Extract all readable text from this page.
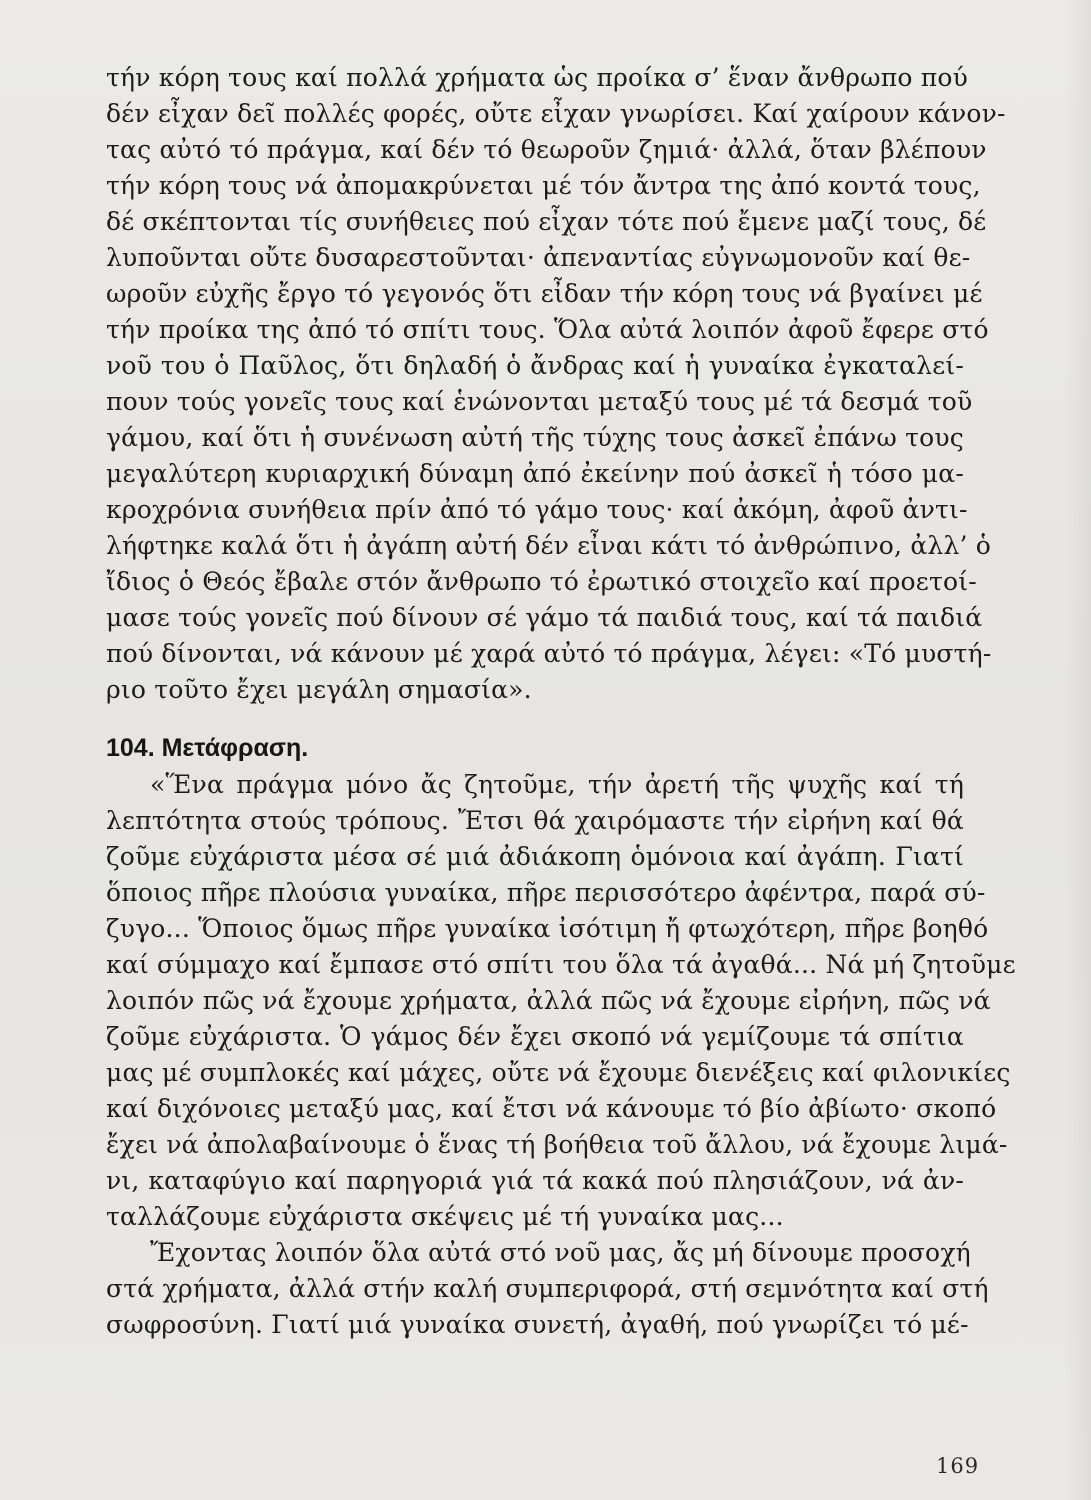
τήν κόρη τους καί πολλά χρήματα ὡς προίκα σ’ ἕναν ἄνθρωπο πού
δέν εἶχαν δεῖ πολλές φορές, οὔτε εἶχαν γνωρίσει. Καί χαίρουν κάνον-
τας αὐτό τό πράγμα, καί δέν τό θεωροῦν ζημιά· ἀλλά, ὅταν βλέπουν
τήν κόρη τους νά ἀπομακρύνεται μέ τόν ἄντρα της ἀπό κοντά τους,
δέ σκέπτονται τίς συνήθειες πού εἶχαν τότε πού ἔμενε μαζί τους, δέ
λυποῦνται οὔτε δυσαρεστοῦνται· ἀπεναντίας εὐγνωμονοῦν καί θε-
ωροῦν εὐχῆς ἔργο τό γεγονός ὅτι εἶδαν τήν κόρη τους νά βγαίνει μέ
τήν προίκα της ἀπό τό σπίτι τους. Ὅλα αὐτά λοιπόν ἀφοῦ ἔφερε στό
νοῦ του ὁ Παῦλος, ὅτι δηλαδή ὁ ἄνδρας καί ἡ γυναίκα ἐγκαταλεί-
πουν τούς γονεῖς τους καί ἑνώνονται μεταξύ τους μέ τά δεσμά τοῦ
γάμου, καί ὅτι ἡ συνένωση αὐτή τῆς τύχης τους ἀσκεῖ ἐπάνω τους
μεγαλύτερη κυριαρχική δύναμη ἀπό ἐκείνην πού ἀσκεῖ ἡ τόσο μα-
κροχρόνια συνήθεια πρίν ἀπό τό γάμο τους· καί ἀκόμη, ἀφοῦ ἀντι-
λήφτηκε καλά ὅτι ἡ ἀγάπη αὐτή δέν εἶναι κάτι τό ἀνθρώπινο, ἀλλ’ ὁ
ἴδιος ὁ Θεός ἔβαλε στόν ἄνθρωπο τό ἐρωτικό στοιχεῖο καί προετοί-
μασε τούς γονεῖς πού δίνουν σέ γάμο τά παιδιά τους, καί τά παιδιά
πού δίνονται, νά κάνουν μέ χαρά αὐτό τό πράγμα, λέγει: «Τό μυστή-
ριο τοῦτο ἔχει μεγάλη σημασία».
104. Μετάφραση.
«Ἕνα πράγμα μόνο ἄς ζητοῦμε, τήν ἀρετή τῆς ψυχῆς καί τή
λεπτότητα στούς τρόπους. Ἔτσι θά χαιρόμαστε τήν εἰρήνη καί θά
ζοῦμε εὐχάριστα μέσα σέ μιά ἀδιάκοπη ὁμόνοια καί ἀγάπη. Γιατί
ὅποιος πῆρε πλούσια γυναίκα, πῆρε περισσότερο ἀφέντρα, παρά σύ-
ζυγο... Ὅποιος ὅμως πῆρε γυναίκα ἰσότιμη ἤ φτωχότερη, πῆρε βοηθό
καί σύμμαχο καί ἔμπασε στό σπίτι του ὅλα τά ἀγαθά... Νά μή ζητοῦμε
λοιπόν πῶς νά ἔχουμε χρήματα, ἀλλά πῶς νά ἔχουμε εἰρήνη, πῶς νά
ζοῦμε εὐχάριστα. Ὁ γάμος δέν ἔχει σκοπό νά γεμίζουμε τά σπίτια
μας μέ συμπλοκές καί μάχες, οὔτε νά ἔχουμε διενέξεις καί φιλονικίες
καί διχόνοιες μεταξύ μας, καί ἔτσι νά κάνουμε τό βίο ἀβίωτο· σκοπό
ἔχει νά ἀπολαβαίνουμε ὁ ἕνας τή βοήθεια τοῦ ἄλλου, νά ἔχουμε λιμά-
νι, καταφύγιο καί παρηγοριά γιά τά κακά πού πλησιάζουν, νά ἀν-
ταλλάζουμε εὐχάριστα σκέψεις μέ τή γυναίκα μας...
Ἔχοντας λοιπόν ὅλα αὐτά στό νοῦ μας, ἄς μή δίνουμε προσοχή
στά χρήματα, ἀλλά στήν καλή συμπεριφορά, στή σεμνότητα καί στή
σωφροσύνη. Γιατί μιά γυναίκα συνετή, ἀγαθή, πού γνωρίζει τό μέ-
169
